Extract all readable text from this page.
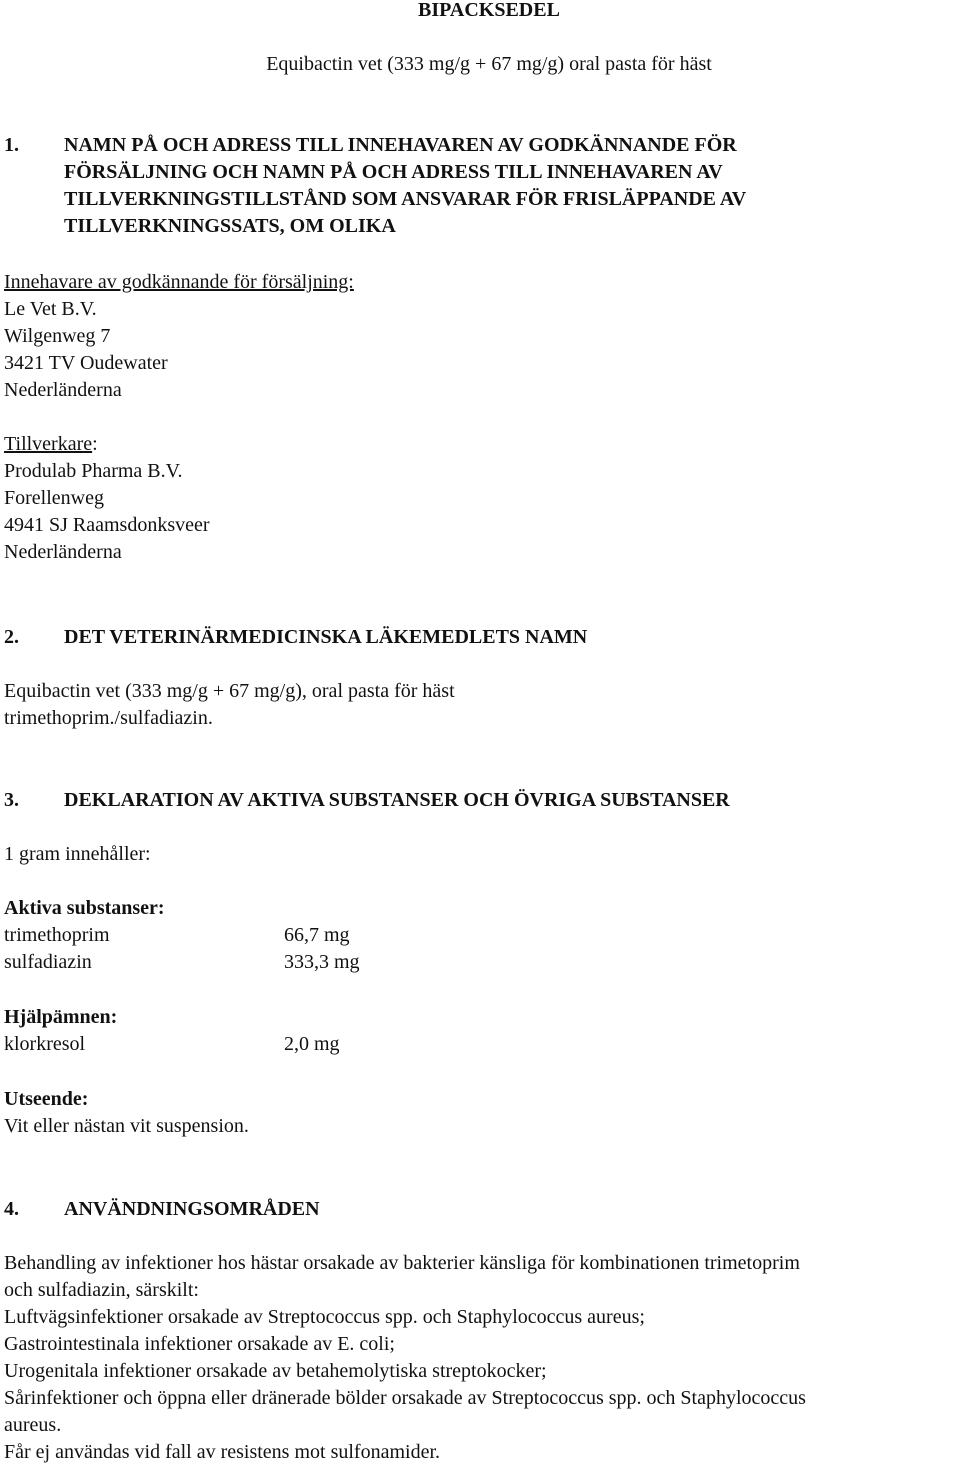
BIPACKSEDEL
Equibactin vet (333 mg/g + 67 mg/g) oral pasta för häst
1. NAMN PÅ OCH ADRESS TILL INNEHAVAREN AV GODKÄNNANDE FÖR
FÖRSÄLJNING OCH NAMN PÅ OCH ADRESS TILL INNEHAVAREN AV
TILLVERKNINGSTILLSTÅND SOM ANSVARAR FÖR FRISLÄPPANDE AV
TILLVERKNINGSSATS, OM OLIKA
Innehavare av godkännande för försäljning:
Le Vet B.V.
Wilgenweg 7
3421 TV Oudewater
Nederländerna
Tillverkare:
Produlab Pharma B.V.
Forellenweg
4941 SJ Raamsdonksveer
Nederländerna
2. DET VETERINÄRMEDICINSKA LÄKEMEDLETS NAMN
Equibactin vet (333 mg/g + 67 mg/g), oral pasta för häst
trimethoprim./sulfadiazin.
3. DEKLARATION AV AKTIVA SUBSTANSER OCH ÖVRIGA SUBSTANSER
1 gram innehåller:
Aktiva substanser:
trimethoprim	66,7 mg
sulfadiazin	333,3 mg
Hjälpämnen:
klorkresol	2,0 mg
Utseende:
Vit eller nästan vit suspension.
4. ANVÄNDNINGSOMRÅDEN
Behandling av infektioner hos hästar orsakade av bakterier känsliga för kombinationen trimetoprim
och sulfadiazin, särskilt:
Luftvägsinfektioner orsakade av Streptococcus spp. och Staphylococcus aureus;
Gastrointestinala infektioner orsakade av E. coli;
Urogenitala infektioner orsakade av betahemolytiska streptokocker;
Sårinfektioner och öppna eller dränerade bölder orsakade av Streptococcus spp. och Staphylococcus
aureus.
Får ej användas vid fall av resistens mot sulfonamider.
